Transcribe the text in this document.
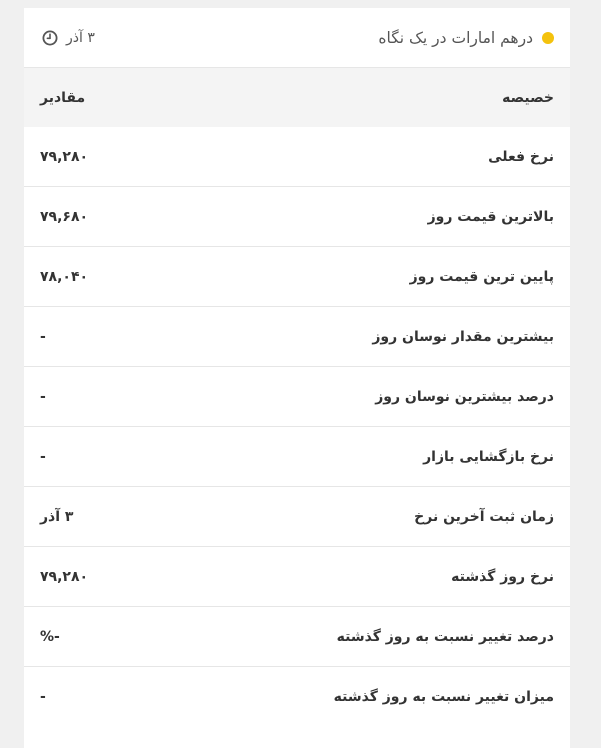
درهم امارات در یک نگاه
۳ آذر
خصیصه	مقادیر
نرخ فعلی	۷۹,۲۸۰
بالاترین قیمت روز	۷۹,۶۸۰
پایین ترین قیمت روز	۷۸,۰۴۰
بیشترین مقدار نوسان روز	-
درصد بیشترین نوسان روز	-
نرخ بازگشایی بازار	-
زمان ثبت آخرین نرخ	۳ آذر
نرخ روز گذشته	۷۹,۲۸۰
درصد تغییر نسبت به روز گذشته	-%
میزان تغییر نسبت به روز گذشته	-
